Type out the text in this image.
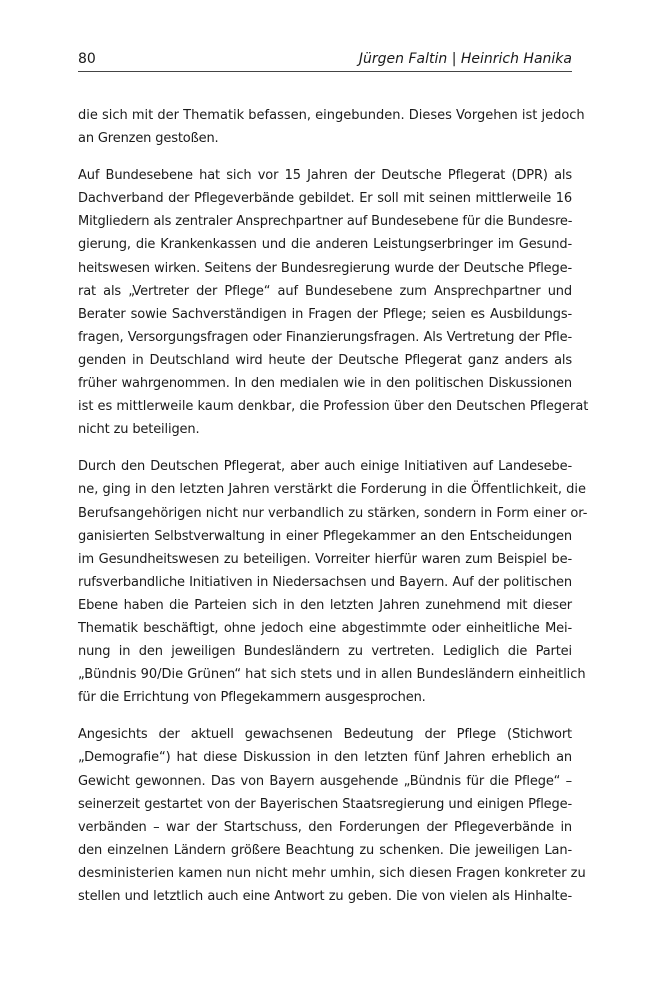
80	Jürgen Faltin | Heinrich Hanika
die sich mit der Thematik befassen, eingebunden. Dieses Vorgehen ist jedoch
an Grenzen gestoßen.
Auf Bundesebene hat sich vor 15 Jahren der Deutsche Pflegerat (DPR) als
Dachverband der Pflegeverbände gebildet. Er soll mit seinen mittlerweile 16
Mitgliedern als zentraler Ansprechpartner auf Bundesebene für die Bundesre-
gierung, die Krankenkassen und die anderen Leistungserbringer im Gesund-
heitswesen wirken. Seitens der Bundesregierung wurde der Deutsche Pflege-
rat als „Vertreter der Pflege“ auf Bundesebene zum Ansprechpartner und
Berater sowie Sachverständigen in Fragen der Pflege; seien es Ausbildungs-
fragen, Versorgungsfragen oder Finanzierungsfragen. Als Vertretung der Pfle-
genden in Deutschland wird heute der Deutsche Pflegerat ganz anders als
früher wahrgenommen. In den medialen wie in den politischen Diskussionen
ist es mittlerweile kaum denkbar, die Profession über den Deutschen Pflegerat
nicht zu beteiligen.
Durch den Deutschen Pflegerat, aber auch einige Initiativen auf Landesebe-
ne, ging in den letzten Jahren verstärkt die Forderung in die Öffentlichkeit, die
Berufsangehörigen nicht nur verbandlich zu stärken, sondern in Form einer or-
ganisierten Selbstverwaltung in einer Pflegekammer an den Entscheidungen
im Gesundheitswesen zu beteiligen. Vorreiter hierfür waren zum Beispiel be-
rufsverbandliche Initiativen in Niedersachsen und Bayern. Auf der politischen
Ebene haben die Parteien sich in den letzten Jahren zunehmend mit dieser
Thematik beschäftigt, ohne jedoch eine abgestimmte oder einheitliche Mei-
nung in den jeweiligen Bundesländern zu vertreten. Lediglich die Partei
„Bündnis 90/Die Grünen“ hat sich stets und in allen Bundesländern einheitlich
für die Errichtung von Pflegekammern ausgesprochen.
Angesichts der aktuell gewachsenen Bedeutung der Pflege (Stichwort
„Demografie“) hat diese Diskussion in den letzten fünf Jahren erheblich an
Gewicht gewonnen. Das von Bayern ausgehende „Bündnis für die Pflege“ –
seinerzeit gestartet von der Bayerischen Staatsregierung und einigen Pflege-
verbänden – war der Startschuss, den Forderungen der Pflegeverbände in
den einzelnen Ländern größere Beachtung zu schenken. Die jeweiligen Lan-
desministerien kamen nun nicht mehr umhin, sich diesen Fragen konkreter zu
stellen und letztlich auch eine Antwort zu geben. Die von vielen als Hinhalte-
